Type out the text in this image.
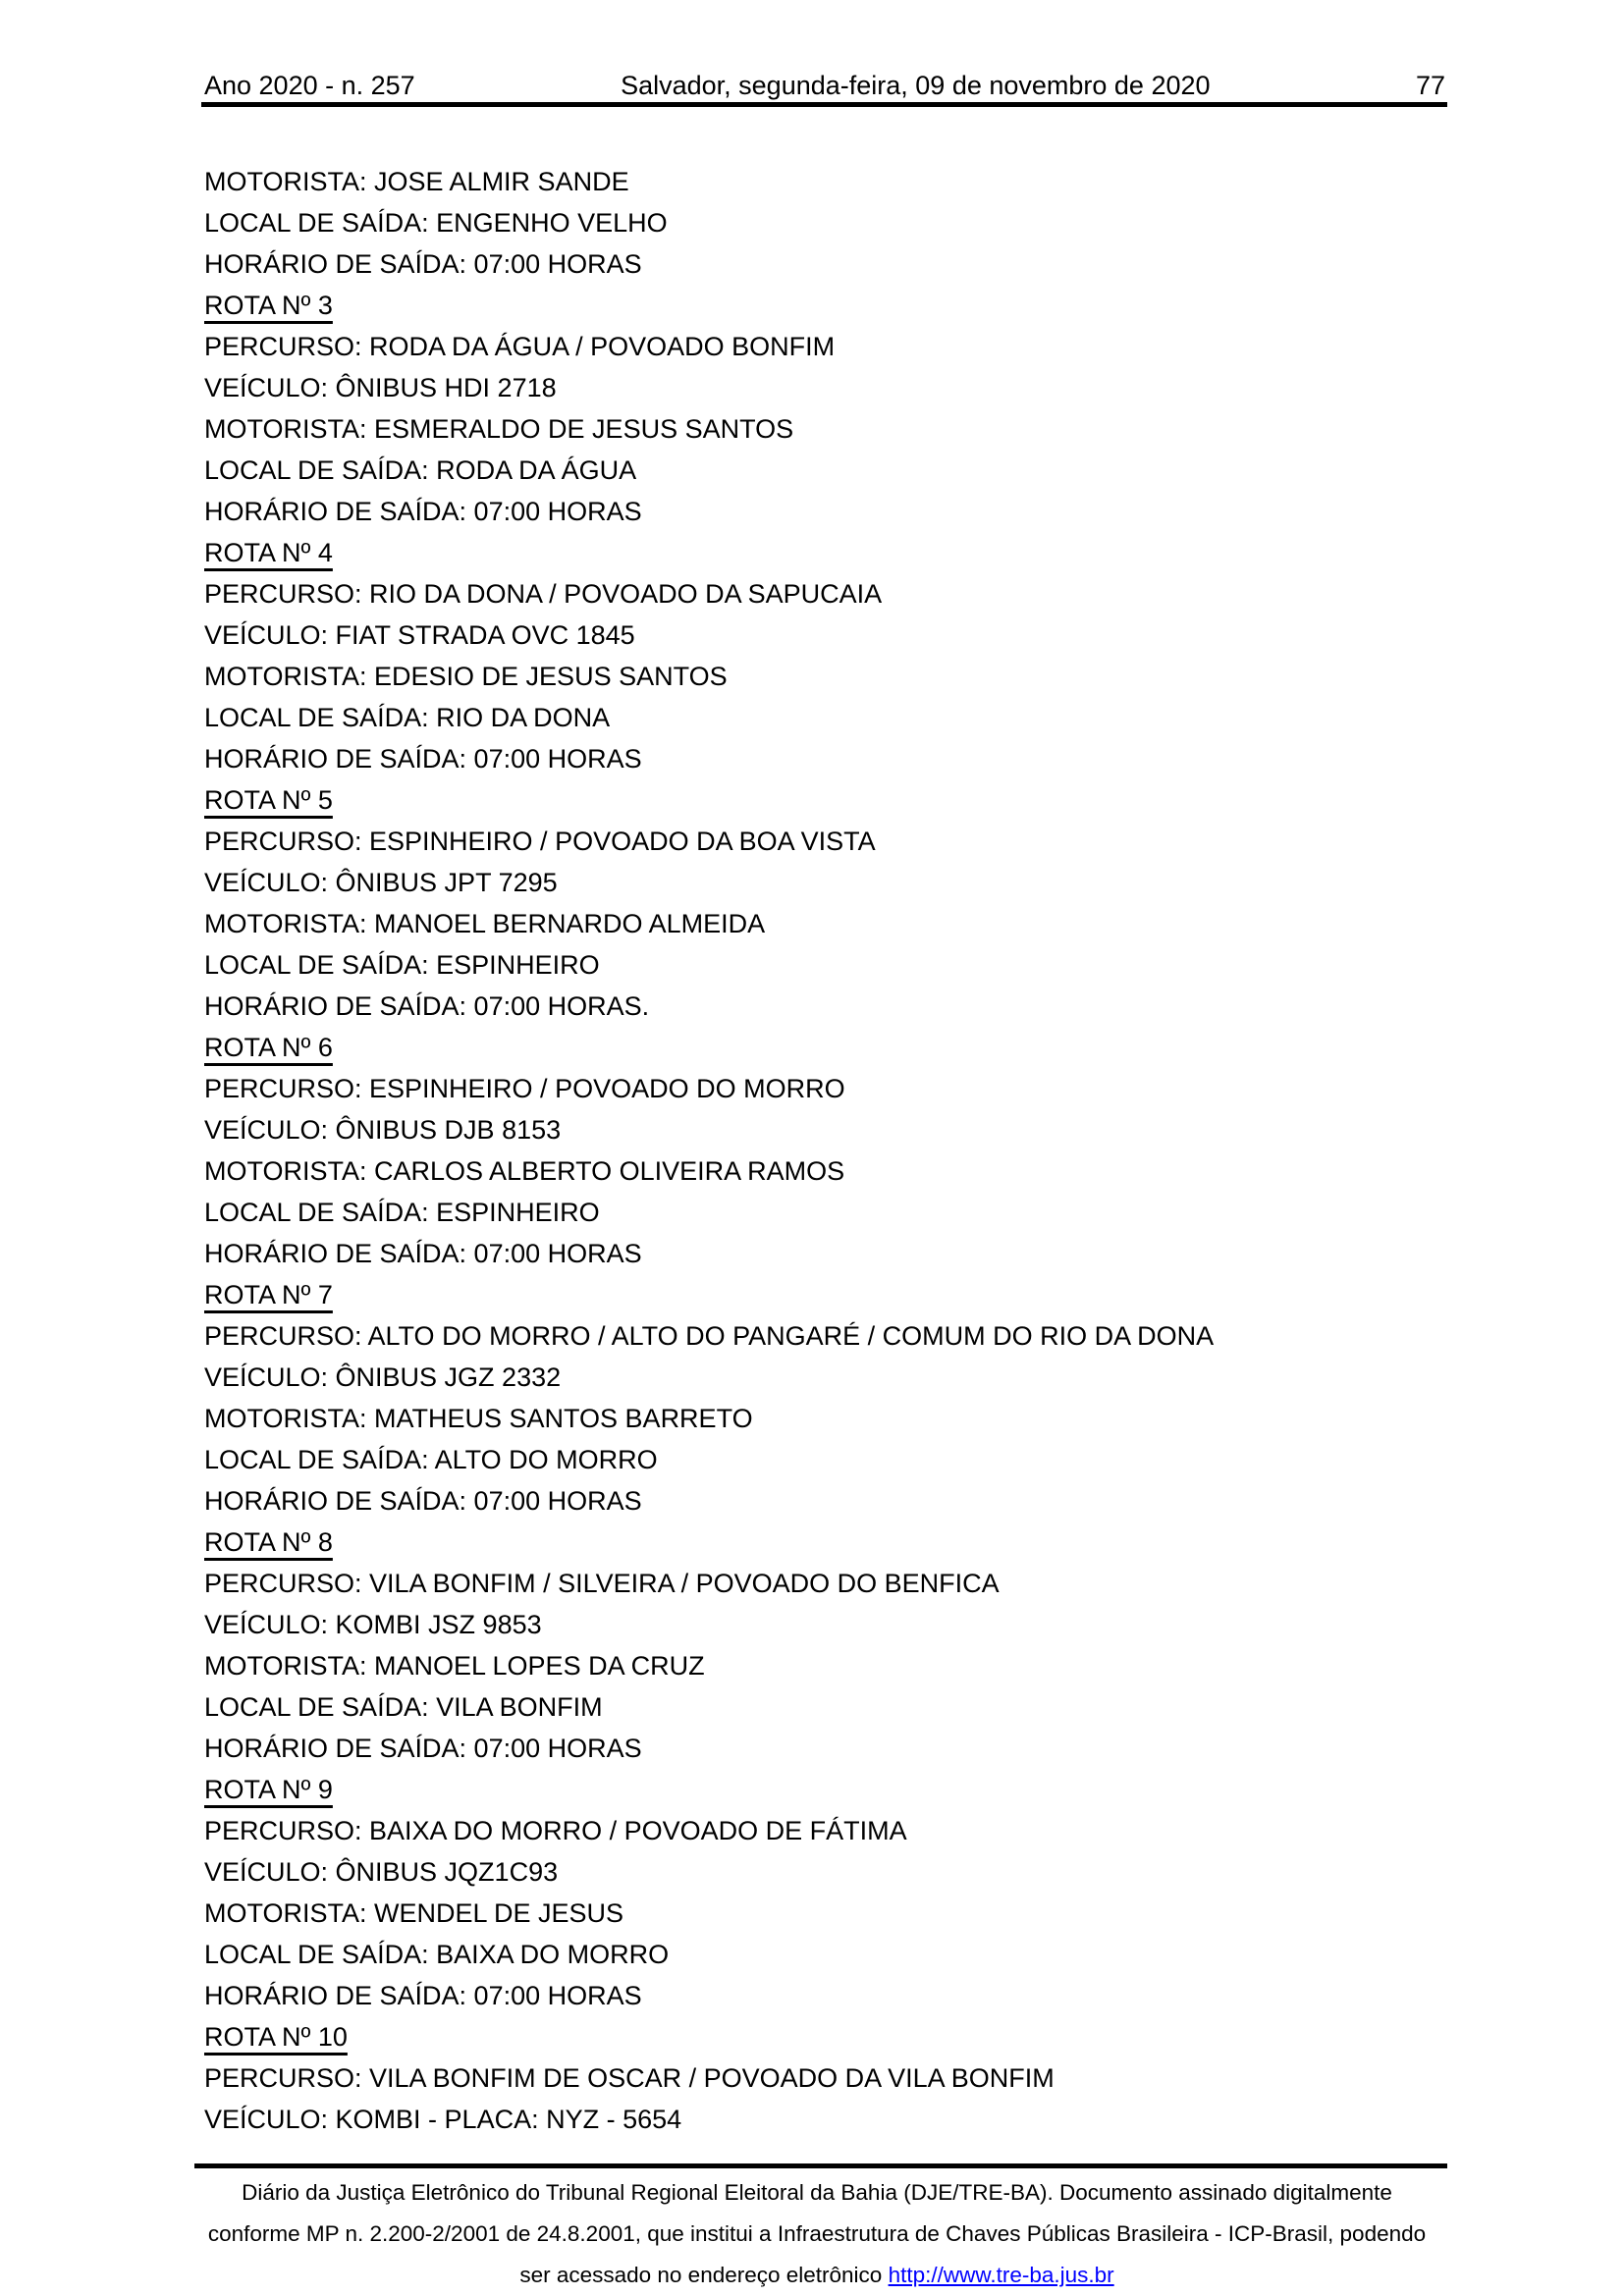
Ano 2020 - n. 257	Salvador, segunda-feira, 09 de novembro de 2020	77
MOTORISTA: JOSE ALMIR SANDE
LOCAL DE SAÍDA: ENGENHO VELHO
HORÁRIO DE SAÍDA: 07:00 HORAS
ROTA Nº 3
PERCURSO: RODA DA ÁGUA / POVOADO BONFIM
VEÍCULO: ÔNIBUS HDI 2718
MOTORISTA: ESMERALDO DE JESUS SANTOS
LOCAL DE SAÍDA: RODA DA ÁGUA
HORÁRIO DE SAÍDA: 07:00 HORAS
ROTA Nº 4
PERCURSO: RIO DA DONA / POVOADO DA SAPUCAIA
VEÍCULO: FIAT STRADA OVC 1845
MOTORISTA: EDESIO DE JESUS SANTOS
LOCAL DE SAÍDA: RIO DA DONA
HORÁRIO DE SAÍDA: 07:00 HORAS
ROTA Nº 5
PERCURSO: ESPINHEIRO / POVOADO DA BOA VISTA
VEÍCULO: ÔNIBUS JPT 7295
MOTORISTA: MANOEL BERNARDO ALMEIDA
LOCAL DE SAÍDA: ESPINHEIRO
HORÁRIO DE SAÍDA: 07:00 HORAS.
ROTA Nº 6
PERCURSO: ESPINHEIRO / POVOADO DO MORRO
VEÍCULO: ÔNIBUS DJB 8153
MOTORISTA: CARLOS ALBERTO OLIVEIRA RAMOS
LOCAL DE SAÍDA: ESPINHEIRO
HORÁRIO DE SAÍDA: 07:00 HORAS
ROTA Nº 7
PERCURSO: ALTO DO MORRO / ALTO DO PANGARÉ / COMUM DO RIO DA DONA
VEÍCULO: ÔNIBUS JGZ 2332
MOTORISTA: MATHEUS SANTOS BARRETO
LOCAL DE SAÍDA: ALTO DO MORRO
HORÁRIO DE SAÍDA: 07:00 HORAS
ROTA Nº 8
PERCURSO: VILA BONFIM / SILVEIRA / POVOADO DO BENFICA
VEÍCULO: KOMBI JSZ 9853
MOTORISTA: MANOEL LOPES DA CRUZ
LOCAL DE SAÍDA: VILA BONFIM
HORÁRIO DE SAÍDA: 07:00 HORAS
ROTA Nº 9
PERCURSO: BAIXA DO MORRO / POVOADO DE FÁTIMA
VEÍCULO: ÔNIBUS JQZ1C93
MOTORISTA: WENDEL DE JESUS
LOCAL DE SAÍDA: BAIXA DO MORRO
HORÁRIO DE SAÍDA: 07:00 HORAS
ROTA Nº 10
PERCURSO: VILA BONFIM DE OSCAR / POVOADO DA VILA BONFIM
VEÍCULO: KOMBI - PLACA: NYZ - 5654
Diário da Justiça Eletrônico do Tribunal Regional Eleitoral da Bahia (DJE/TRE-BA). Documento assinado digitalmente
conforme MP n. 2.200-2/2001 de 24.8.2001, que institui a Infraestrutura de Chaves Públicas Brasileira - ICP-Brasil, podendo
ser acessado no endereço eletrônico http://www.tre-ba.jus.br
